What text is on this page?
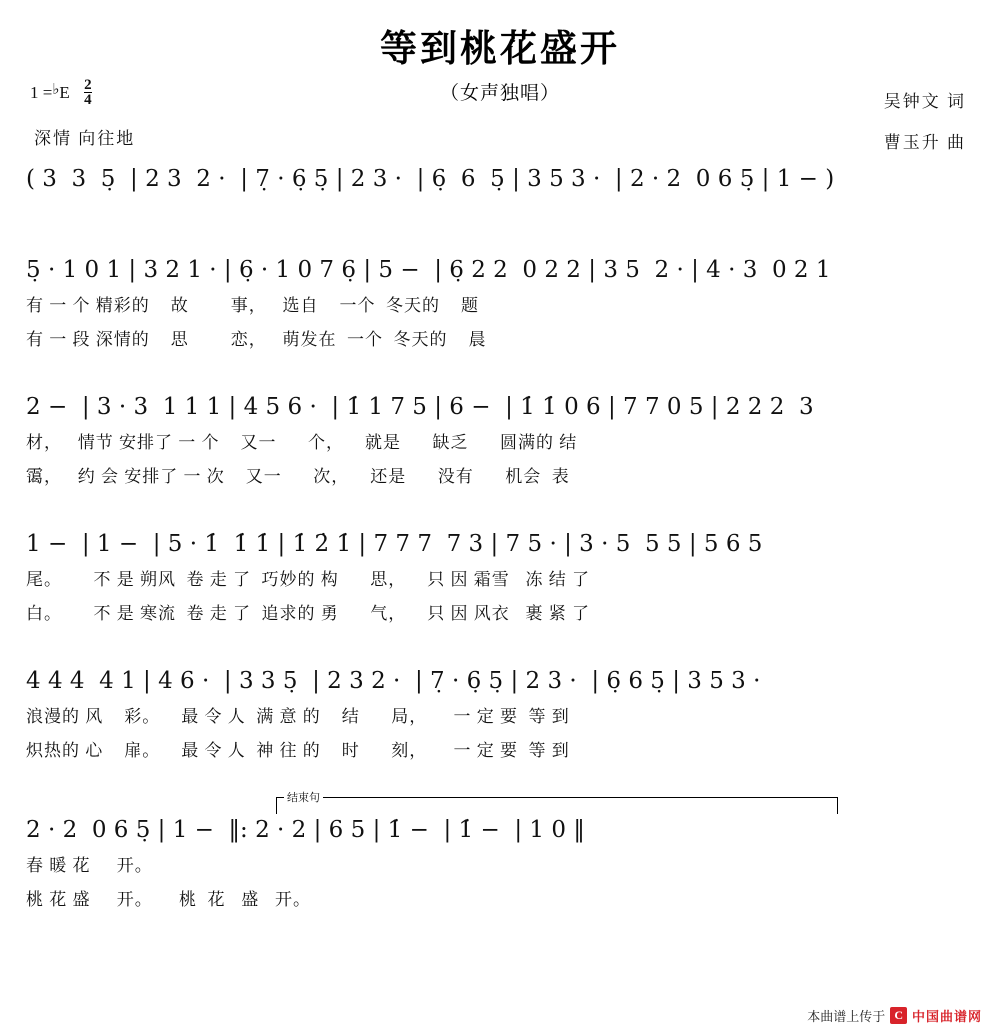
等到桃花盛开
（女声独唱）
1 =♭E $\frac{2}{4}$
深情 向往地
吴钟文 词
曹玉升 曲
( 3  3  5̣  | 2 3  2 ·  | 7̣ · 6̣ 5̣ | 2 3 ·  | 6̣  6  5̣ | 3 5 3 ·  | 2 · 2  0 6 5̣ | 1 − )
5̣ · 1 0 1 | 3 2 1 · | 6̣ · 1 0 7 6̣ | 5 −  | 6̣ 2 2  0 2 2 | 3 5  2 · | 4 · 3  0 2 1
有 一 个 精彩的    故        事，   选自    一个  冬天的    题
有 一 段 深情的    思        恋，   萌发在  一个  冬天的    晨
2 −  | 3 · 3  1 1 1 | 4 5 6 ·  | 1̇ 1 7 5 | 6 −  | 1̇ 1̇ 0 6 | 7 7 0 5 | 2 2 2  3
材，   情节 安排了 一 个    又一      个，    就是      缺乏      圆满的 结
霭，   约 会 安排了 一 次    又一      次，    还是      没有      机会  表
1 −  | 1 −  | 5 · 1̇  1̇ 1̇ | 1̇ 2̇ 1̇ | 7 7 7  7 3 | 7 5 · | 3 · 5  5 5 | 5 6 5
尾。      不 是 朔风  卷 走 了  巧妙的 构      思，    只 因 霜雪   冻 结 了
白。      不 是 寒流  卷 走 了  追求的 勇      气，    只 因 风衣   裹 紧 了
4 4 4  4 1 | 4 6 ·  | 3 3 5̣  | 2 3 2 ·  | 7̣ · 6̣ 5̣ | 2 3 ·  | 6̣ 6 5̣ | 3 5 3 ·
浪漫的 风    彩。    最 令 人  满 意 的    结      局，     一 定 要  等 到
炽热的 心    扉。    最 令 人  神 往 的    时      刻，     一 定 要  等 到
结束句
2 · 2  0 6 5̣ | 1 −  ‖: 2 · 2 | 6 5 | 1̇ −  | 1̇ −  | 1 0 ‖
春 暖 花     开。
桃 花 盛     开。     桃  花   盛   开。
本曲谱上传于 C 中国曲谱网
